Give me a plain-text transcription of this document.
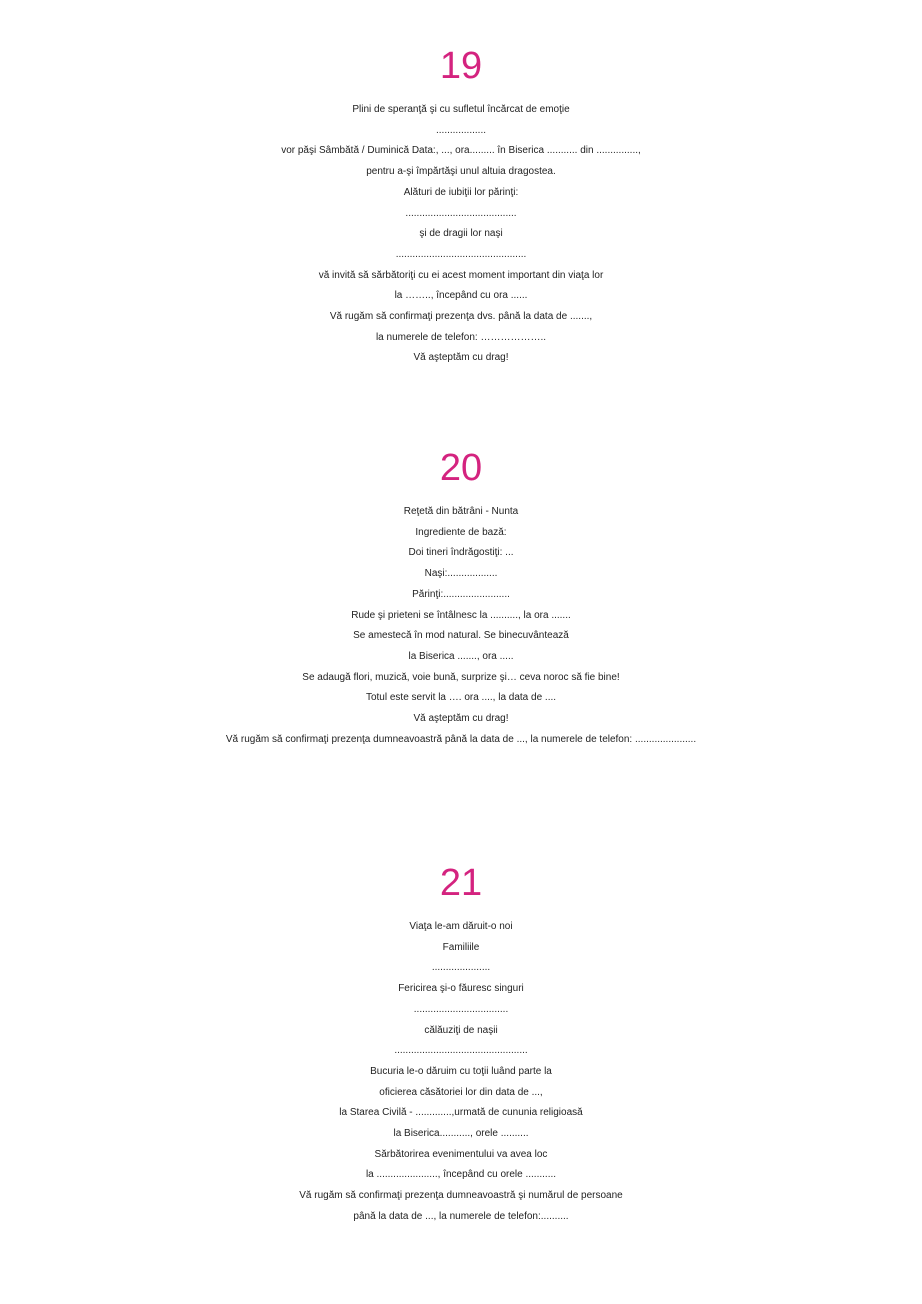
19
Plini de speranţă şi cu sufletul încărcat de emoţie
..................
vor păşi Sâmbătă / Duminică Data:, ..., ora......... în Biserica ........... din ...............,
pentru a-şi împărtăşi unul altuia dragostea.
Alături de iubiţii lor părinţi:
........................................
şi de dragii lor naşi
...............................................
vă invită să sărbătoriţi cu ei acest moment important din viaţa lor
la …….., începând cu ora ......
Vă rugăm să confirmaţi prezenţa dvs. până la data de .......,
la numerele de telefon: ………………..
Vă aşteptăm cu drag!
20
Reţetă din bătrâni - Nunta
Ingrediente de bază:
Doi tineri îndrăgostiţi: ...
Naşi:..................
Părinţi:........................
Rude şi prieteni se întâlnesc la .........., la ora .......
Se amestecă în mod natural. Se binecuvântează
la Biserica ......., ora .....
Se adaugă flori, muzică, voie bună, surprize şi… ceva noroc să fie bine!
Totul este servit la …. ora ...., la data de ....
Vă aşteptăm cu drag!
Vă rugăm să confirmaţi prezenţa dumneavoastră până la data de ..., la numerele de telefon: ......................
21
Viaţa le-am dăruit-o noi
Familiile
.....................
Fericirea şi-o făuresc singuri
..................................
călăuziţi de naşii
................................................
Bucuria le-o dăruim cu toţii luând parte la
oficierea căsătoriei lor din data de ...,
la Starea Civilă - .............,urmată de cununia religioasă
la Biserica..........., orele ..........
Sărbătorirea evenimentului va avea loc
la ......................, începând cu orele ...........
Vă rugăm să confirmaţi prezenţa dumneavoastră şi numărul de persoane
până la data de ..., la numerele de telefon:..........
